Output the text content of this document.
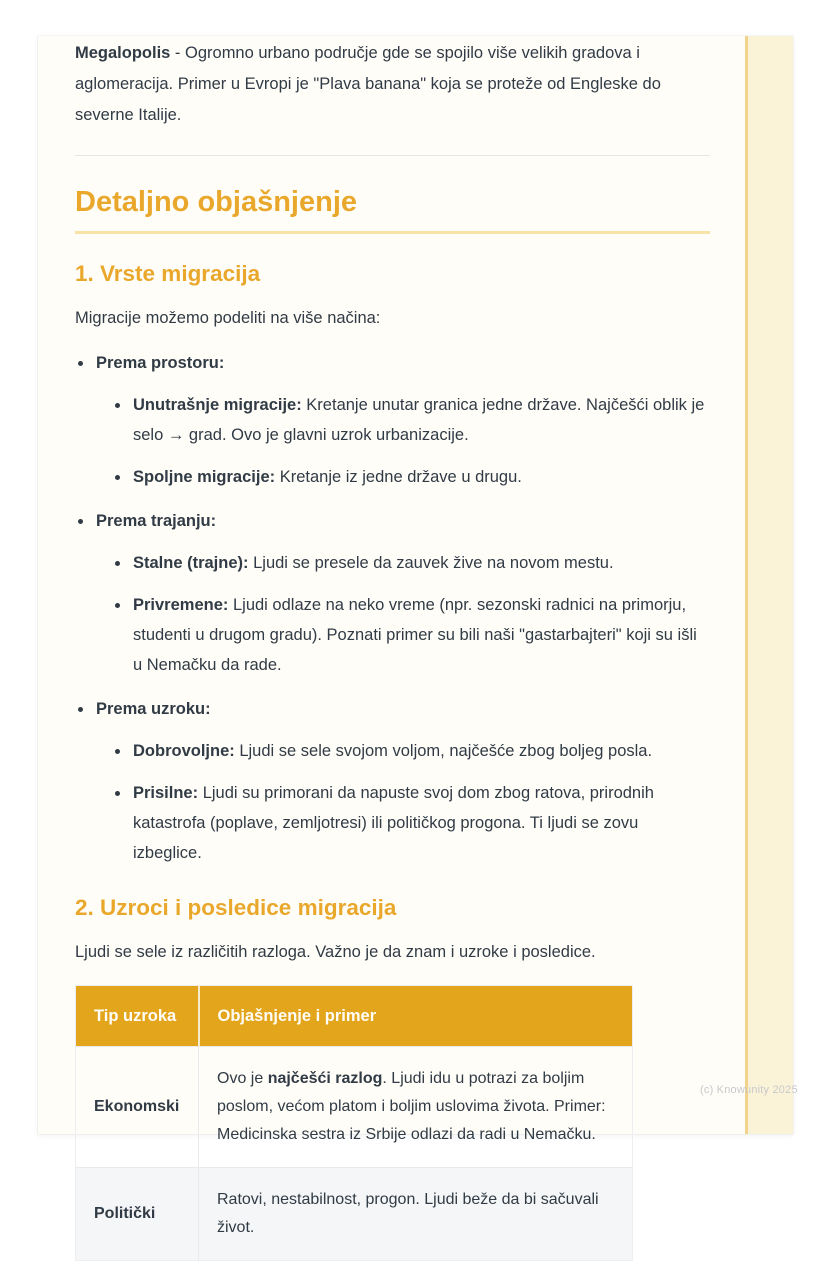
Megalopolis - Ogromno urbano područje gde se spojilo više velikih gradova i aglomeracija. Primer u Evropi je "Plava banana" koja se proteže od Engleske do severne Italije.

Detaljno objašnjenje
1. Vrste migracija

Migracije možemo podeliti na više načina:

Prema prostoru:
Unutrašnje migracije: Kretanje unutar granica jedne države. Najčešći oblik je selo → grad. Ovo je glavni uzrok urbanizacije.
Spoljne migracije: Kretanje iz jedne države u drugu.
Prema trajanju:
Stalne (trajne): Ljudi se presele da zauvek žive na novom mestu.
Privremene: Ljudi odlaze na neko vreme (npr. sezonski radnici na primorju, studenti u drugom gradu). Poznati primer su bili naši "gastarbajteri" koji su išli u Nemačku da rade.
Prema uzroku:
Dobrovoljne: Ljudi se sele svojom voljom, najčešće zbog boljeg posla.
Prisilne: Ljudi su primorani da napuste svoj dom zbog ratova, prirodnih katastrofa (poplave, zemljotresi) ili političkog progona. Ti ljudi se zovu izbeglice.
2. Uzroci i posledice migracija

Ljudi se sele iz različitih razloga. Važno je da znam i uzroke i posledice.

Tip uzroka	Objašnjenje i primer
Ekonomski	Ovo je najčešći razlog. Ljudi idu u potrazi za boljim poslom, većom platom i boljim uslovima života. Primer: Medicinska sestra iz Srbije odlazi da radi u Nemačku.
Politički	Ratovi, nestabilnost, progon. Ljudi beže da bi sačuvali život.
(c) Knowunity 2025
